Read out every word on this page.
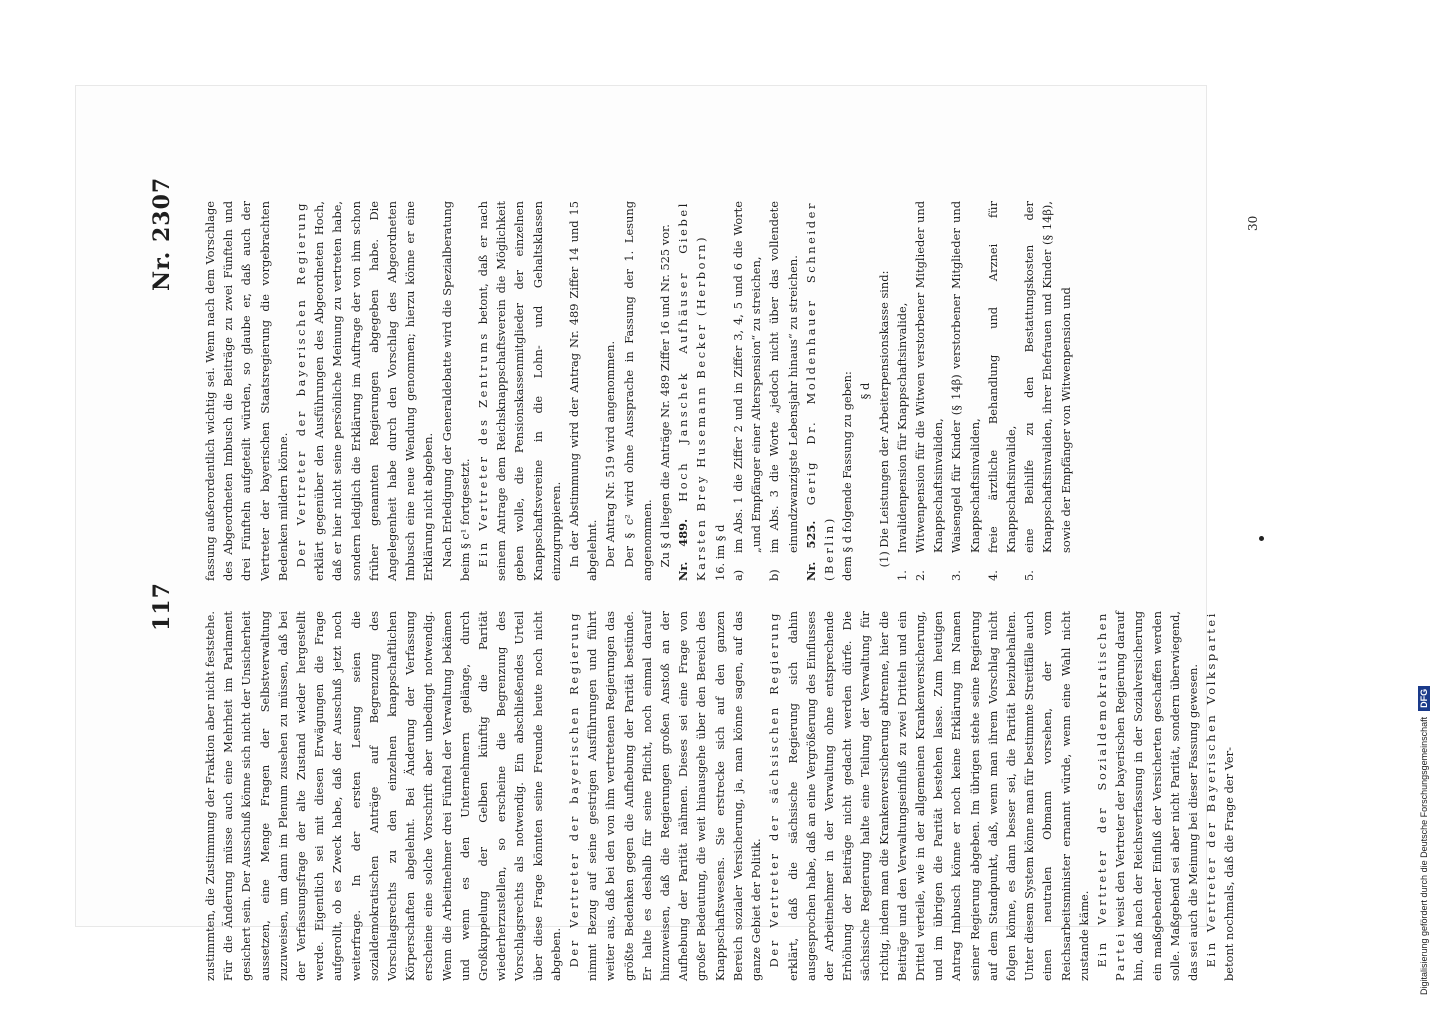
117
Nr. 2307

zustimmten, die Zustimmung der Fraktion aber nicht feststehe. Für die Änderung müsse auch eine Mehrheit im Parlament gesichert sein. Der Ausschuß könne sich nicht der Unsicherheit aussetzen, eine Menge Fragen der Selbstverwaltung zuzuweisen, um dann im Plenum zusehen zu müssen, daß bei der Verfassungsfrage der alte Zustand wieder hergestellt werde. Eigentlich sei mit diesen Erwägungen die Frage aufgerollt, ob es Zweck habe, daß der Ausschuß jetzt noch weiterfrage. In der ersten Lesung seien die sozialdemokratischen Anträge auf Begrenzung des Vorschlagsrechts zu den einzelnen knappschaftlichen Körperschaften abgelehnt. Bei Änderung der Verfassung erscheine eine solche Vorschrift aber unbedingt notwendig. Wenn die Arbeitnehmer drei Fünftel der Verwaltung bekämen und wenn es den Unternehmern gelänge, durch Großkuppelung der Gelben künftig die Parität wiederherzustellen, so erscheine die Begrenzung des Vorschlagsrechts als notwendig. Ein abschließendes Urteil über diese Frage könnten seine Freunde heute noch nicht abgeben. Der Vertreter der bayerischen Regierung nimmt Bezug auf seine gestrigen Ausführungen und führt weiter aus, daß bei den von ihm vertretenen Regierungen das größte Bedenken gegen die Aufhebung der Parität bestünde. Er halte es deshalb für seine Pflicht, noch einmal darauf hinzuweisen, daß die Regierungen großen Anstoß an der Aufhebung der Parität nähmen. Dieses sei eine Frage von großer Bedeutung, die weit hinausgehe über den Bereich des Knappschaftswesens. Sie erstrecke sich auf den ganzen Bereich sozialer Versicherung, ja, man könne sagen, auf das ganze Gebiet der Politik. Der Vertreter der sächsischen Regierung erklärt, daß die sächsische Regierung sich dahin ausgesprochen habe, daß an eine Vergrößerung des Einflusses der Arbeitnehmer in der Verwaltung ohne entsprechende Erhöhung der Beiträge nicht gedacht werden dürfe. Die sächsische Regierung halte eine Teilung der Verwaltung für richtig, indem man die Krankenversicherung abtrenne, hier die Beiträge und den Verwaltungseinfluß zu zwei Dritteln und ein Drittel verteile, wie in der allgemeinen Krankenversicherung, und im übrigen die Parität bestehen lasse. Zum heutigen Antrag Imbusch könne er noch keine Erklärung im Namen seiner Regierung abgeben. Im übrigen stehe seine Regierung auf dem Standpunkt, daß, wenn man ihrem Vorschlag nicht folgen könne, es dann besser sei, die Parität beizubehalten. Unter diesem System könne man für bestimmte Streitfälle auch einen neutralen Obmann vorsehen, der vom Reichsarbeitsminister ernannt würde, wenn eine Wahl nicht zustande käme. Ein Vertreter der Sozialdemokratischen Partei weist den Vertreter der bayerischen Regierung darauf hin, daß nach der Reichsverfassung in der Sozialversicherung ein maßgebender Einfluß der Versicherten geschaffen werden solle. Maßgebend sei aber nicht Parität, sondern überwiegend, das sei auch die Meinung bei dieser Fassung gewesen. Ein Vertreter der Bayerischen Volkspartei betont nochmals, daß die Frage der Ver-

fassung außerordentlich wichtig sei. Wenn nach dem Vorschlage des Abgeordneten Imbusch die Beiträge zu zwei Fünfteln und drei Fünfteln aufgeteilt würden, so glaube er, daß auch der Vertreter der bayerischen Staatsregierung die vorgebrachten Bedenken mildern könne. Der Vertreter der bayerischen Regierung erklärt gegenüber den Ausführungen des Abgeordneten Hoch, daß er hier nicht seine persönliche Meinung zu vertreten habe, sondern lediglich die Erklärung im Auftrage der von ihm schon früher genannten Regierungen abgegeben habe. Die Angelegenheit habe durch den Vorschlag des Abgeordneten Imbusch eine neue Wendung genommen; hierzu könne er eine Erklärung nicht abgeben. Nach Erledigung der Generaldebatte wird die Spezialberatung beim § c¹ fortgesetzt. Ein Vertreter des Zentrums betont, daß er nach seinem Antrage dem Reichsknappschaftsverein die Möglichkeit geben wolle, die Pensionskassenmitglieder der einzelnen Knappschaftsvereine in die Lohn- und Gehaltsklassen einzugruppieren. In der Abstimmung wird der Antrag Nr. 489 Ziffer 14 und 15 abgelehnt. Der Antrag Nr. 519 wird angenommen. Der § c² wird ohne Aussprache in Fassung der 1. Lesung angenommen. Zu § d liegen die Anträge Nr. 489 Ziffer 16 und Nr. 525 vor. Nr. 489. Hoch Janschek Aufhäuser Giebel Karsten Brey Husemann Becker (Herborn) 16. im § d a)
im Abs. 1 die Ziffer 2 und in Ziffer 3, 4, 5 und 6 die Worte „und Empfänger einer Alterspension“ zu streichen,
b)
im Abs. 3 die Worte „jedoch nicht über das vollendete einundzwanzigste Lebensjahr hinaus“ zu streichen. Nr. 525. Gerig Dr. Moldenhauer Schneider (Berlin) dem § d folgende Fassung zu geben: § d (1) Die Leistungen der Arbeiterpensionskasse sind:

1.
Invalidenpension für Knappschaftsinvalide,
2.
Witwenpension für die Witwen verstorbener Mitglieder und Knappschaftsinvaliden,
3.
Waisengeld für Kinder (§ 14β) verstorbener Mitglieder und Knappschaftsinvaliden,
4.
freie ärztliche Behandlung und Arznei für Knappschaftsinvalide,
5.
eine Beihilfe zu den Bestattungskosten der Knappschaftsinvaliden, ihrer Ehefrauen und Kinder (§ 14β), sowie der Empfänger von Witwenpension und
30
Digitalisierung gefördert durch die Deutsche Forschungsgemeinschaft
DFG
